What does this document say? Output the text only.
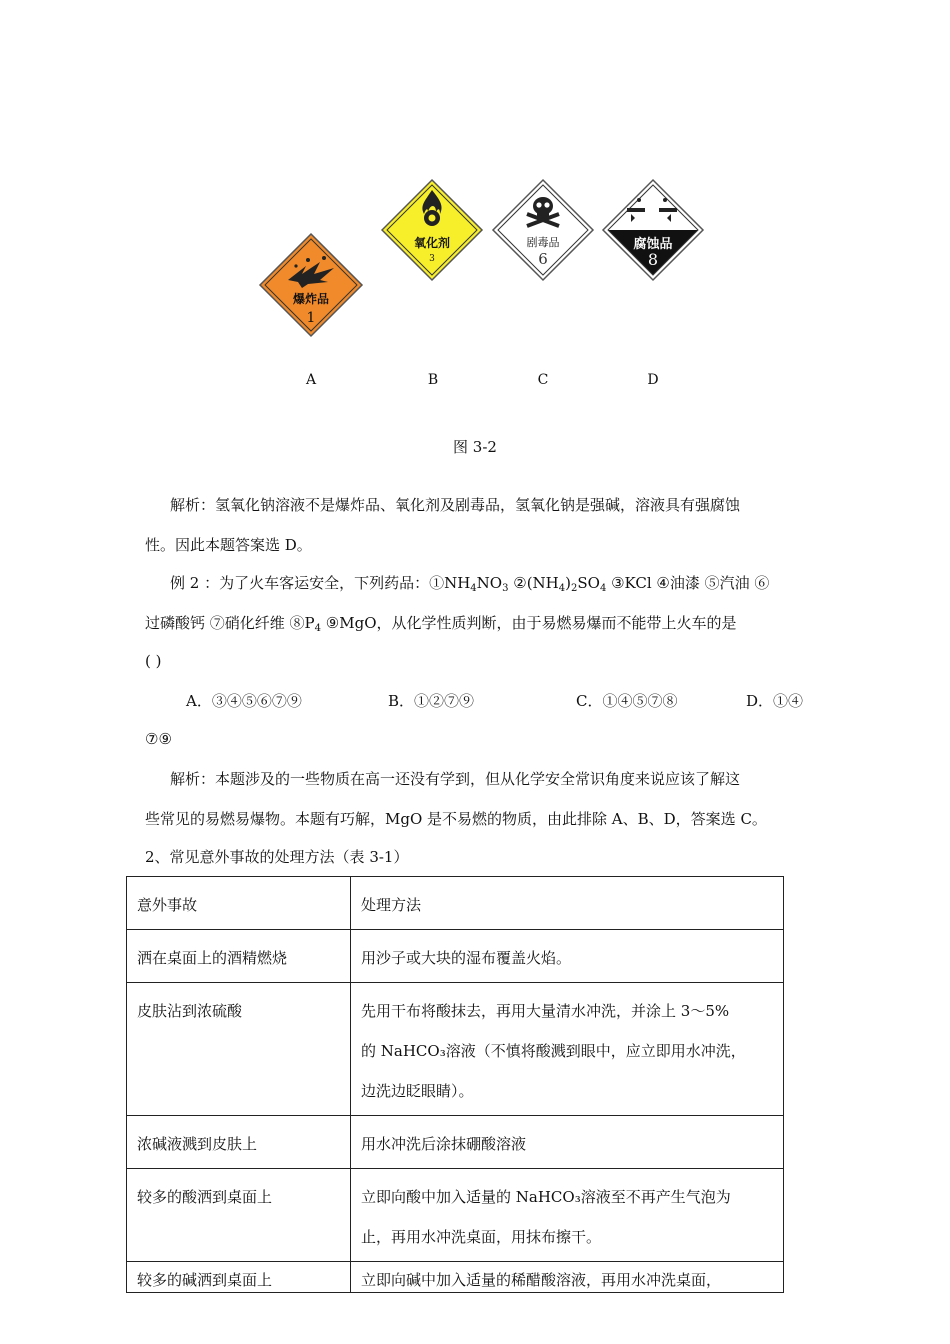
爆炸品
1
氧化剂
3
剧毒品
6
腐蚀品
8
A	B	C	D
图 3-2
解析：氢氧化钠溶液不是爆炸品、氧化剂及剧毒品，氢氧化钠是强碱，溶液具有强腐蚀
性。因此本题答案选 D。
例 2 ：为了火车客运安全，下列药品：$①NH_4NO_3$ $②(NH_4)_2SO_4$ ③KCl ④油漆 ⑤汽油 ⑥
过磷酸钙 ⑦硝化纤维 $⑧P_4$ ⑨MgO，从化学性质判断，由于易燃易爆而不能带上火车的是
( )
A．③④⑤⑥⑦⑨	B．①②⑦⑨	C．①④⑤⑦⑧	D．①④
⑦⑨
解析：本题涉及的一些物质在高一还没有学到，但从化学安全常识角度来说应该了解这
些常见的易燃易爆物。本题有巧解，MgO 是不易燃的物质，由此排除 A、B、D，答案选 C。
2、常见意外事故的处理方法（表 3-1）
意外事故	处理方法
洒在桌面上的酒精燃烧	用沙子或大块的湿布覆盖火焰。

皮肤沾到浓硫酸	先用干布将酸抹去，再用大量清水冲洗，并涂上 3～5%
的 NaHCO₃溶液（不慎将酸溅到眼中，应立即用水冲洗，
边洗边眨眼睛）。

浓碱液溅到皮肤上	用水冲洗后涂抹硼酸溶液

较多的酸洒到桌面上	立即向酸中加入适量的 NaHCO₃溶液至不再产生气泡为
止，再用水冲洗桌面，用抹布擦干。

较多的碱洒到桌面上	立即向碱中加入适量的稀醋酸溶液，再用水冲洗桌面，
